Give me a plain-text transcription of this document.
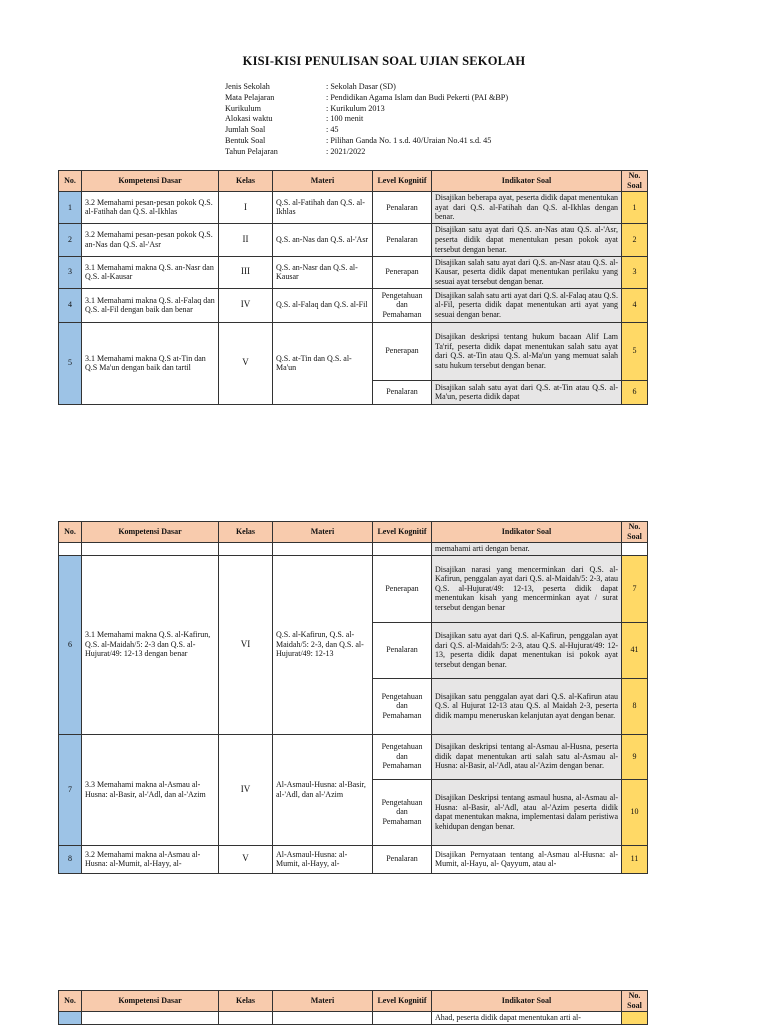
KISI-KISI PENULISAN SOAL UJIAN SEKOLAH
Jenis Sekolah	: Sekolah Dasar (SD)
Mata Pelajaran	: Pendidikan Agama Islam dan Budi Pekerti (PAI &BP)
Kurikulum	: Kurikulum 2013
Alokasi waktu	: 100 menit
Jumlah Soal	: 45
Bentuk Soal	: Pilihan Ganda No. 1 s.d. 40/Uraian No.41 s.d. 45
Tahun Pelajaran	: 2021/2022
No.	Kompetensi Dasar	Kelas	Materi	Level Kognitif	Indikator Soal	No. Soal
1	3.2 Memahami pesan-pesan pokok Q.S. al-Fatihah dan Q.S. al-Ikhlas	I	Q.S. al-Fatihah dan Q.S. al-Ikhlas	Penalaran	Disajikan beberapa ayat, peserta didik dapat menentukan ayat dari Q.S. al-Fatihah dan Q.S. al-Ikhlas dengan benar.	1
2	3.2 Memahami pesan-pesan pokok Q.S. an-Nas dan Q.S. al-'Asr	II	Q.S. an-Nas dan Q.S. al-'Asr	Penalaran	Disajikan satu ayat dari Q.S. an-Nas atau Q.S. al-'Asr, peserta didik dapat menentukan pesan pokok ayat tersebut dengan benar.	2
3	3.1 Memahami makna Q.S. an-Nasr dan Q.S. al-Kausar	III	Q.S. an-Nasr dan Q.S. al-Kausar	Penerapan	Disajikan salah satu ayat dari Q.S. an-Nasr atau Q.S. al-Kausar, peserta didik dapat menentukan perilaku yang sesuai ayat tersebut dengan benar.	3
4	3.1 Memahami makna Q.S. al-Falaq dan Q.S. al-Fil dengan baik dan benar	IV	Q.S. al-Falaq dan Q.S. al-Fil	Pengetahuan dan Pemahaman	Disajikan salah satu arti ayat dari Q.S. al-Falaq atau Q.S. al-Fil, peserta didik dapat menentukan arti ayat yang sesuai dengan benar.	4
5	3.1 Memahami makna Q.S at-Tin dan Q.S Ma'un dengan baik dan tartil	V	Q.S. at-Tin dan Q.S. al-Ma'un	Penerapan	Disajikan deskripsi tentang hukum bacaan Alif Lam Ta'rif, peserta didik dapat menentukan salah satu ayat dari Q.S. at-Tin atau Q.S. al-Ma'un yang memuat salah satu hukum tersebut dengan benar.	5
				Penalaran	Disajikan salah satu ayat dari Q.S. at-Tin atau Q.S. al-Ma'un, peserta didik dapat	6
No.	Kompetensi Dasar	Kelas	Materi	Level Kognitif	Indikator Soal	No. Soal
					memahami arti dengan benar.	
6	3.1 Memahami makna Q.S. al-Kafirun, Q.S. al-Maidah/5: 2-3 dan Q.S. al-Hujurat/49: 12-13 dengan benar	VI	Q.S. al-Kafirun, Q.S. al-Maidah/5: 2-3, dan Q.S. al-Hujurat/49: 12-13	Penerapan	Disajikan narasi yang mencerminkan dari Q.S. al-Kafirun, penggalan ayat dari Q.S. al-Maidah/5: 2-3, atau Q.S. al-Hujurat/49: 12-13, peserta didik dapat menentukan kisah yang mencerminkan ayat / surat tersebut dengan benar	7
				Penalaran	Disajikan satu ayat dari Q.S. al-Kafirun, penggalan ayat dari Q.S. al-Maidah/5: 2-3, atau Q.S. al-Hujurat/49: 12-13, peserta didik dapat menentukan isi pokok ayat tersebut dengan benar.	41
				Pengetahuan dan Pemahaman	Disajikan satu penggalan ayat dari Q.S. al-Kafirun atau Q.S. al Hujurat 12-13 atau Q.S. al Maidah 2-3, peserta didik mampu meneruskan kelanjutan ayat dengan benar.	8
7	3.3 Memahami makna al-Asmau al-Husna: al-Basir, al-'Adl, dan al-'Azim	IV	Al-Asmaul-Husna: al-Basir, al-'Adl, dan al-'Azim	Pengetahuan dan Pemahaman	Disajikan deskripsi tentang al-Asmau al-Husna, peserta didik dapat menentukan arti salah satu al-Asmau al-Husna: al-Basir, al-'Adl, atau al-'Azim dengan benar.	9
				Pengetahuan dan Pemahaman	Disajikan Deskripsi tentang asmaul husna, al-Asmau al-Husna: al-Basir, al-'Adl, atau al-'Azim peserta didik dapat menentukan makna, implementasi dalam peristiwa kehidupan dengan benar.	10
8	3.2 Memahami makna al-Asmau al-Husna: al-Mumit, al-Hayy, al-	V	Al-Asmaul-Husna: al-Mumit, al-Hayy, al-	Penalaran	Disajikan Pernyataan tentang al-Asmau al-Husna: al-Mumit, al-Hayu, al- Qayyum, atau al-	11
No.	Kompetensi Dasar	Kelas	Materi	Level Kognitif	Indikator Soal	No. Soal
					Ahad, peserta didik dapat menentukan arti al-	
